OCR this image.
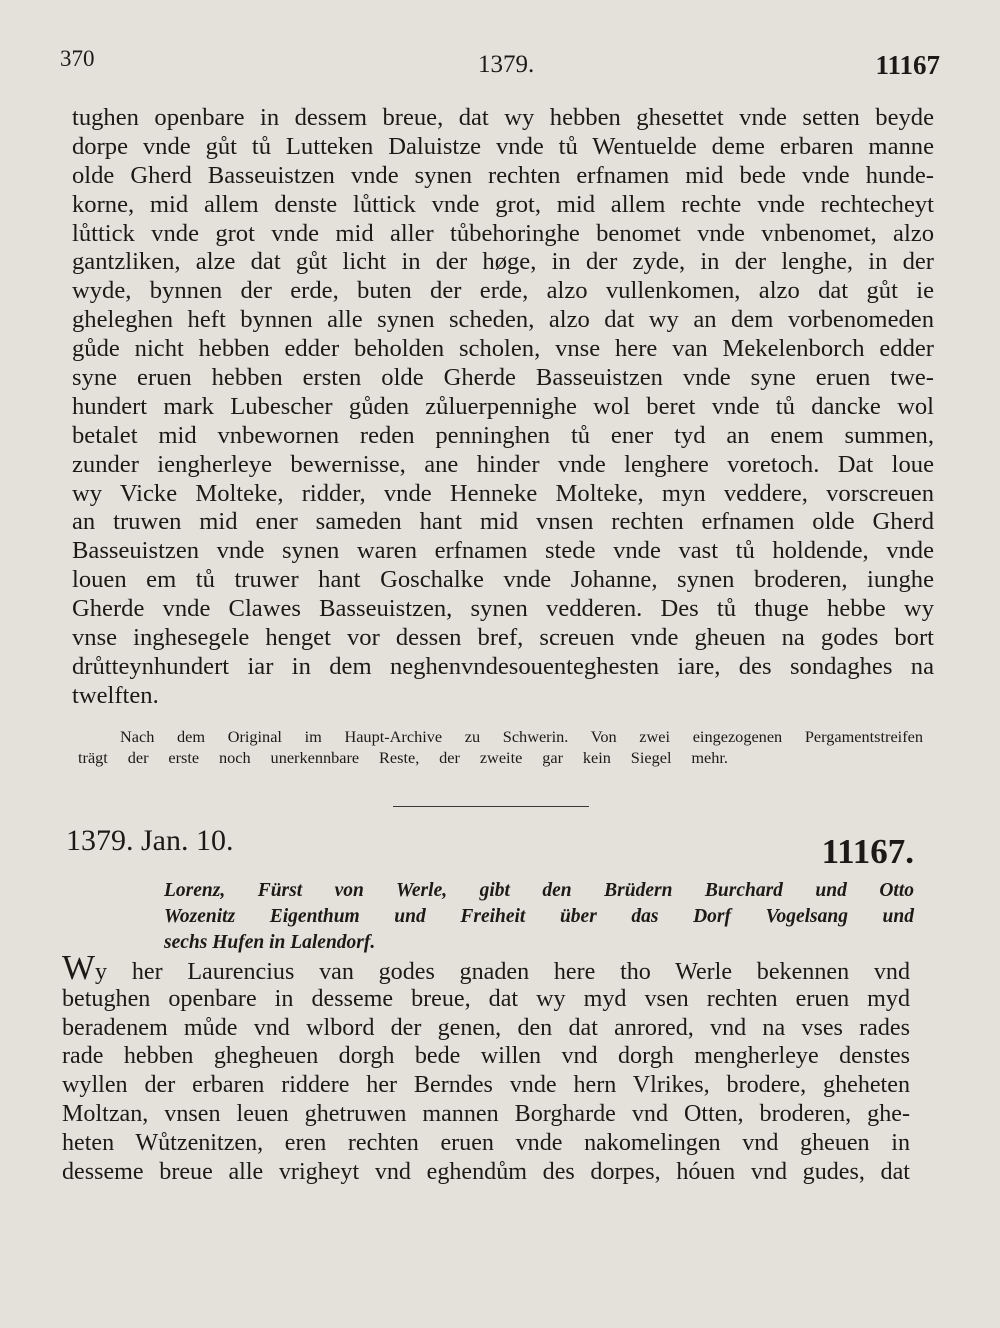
370	1379.	11167
tughen openbare in dessem breue, dat wy hebben ghesettet vnde setten beyde
dorpe vnde gůt tů Lutteken Daluistze vnde tů Wentuelde deme erbaren manne
olde Gherd Basseuistzen vnde synen rechten erfnamen mid bede vnde hunde-
korne, mid allem denste lůttick vnde grot, mid allem rechte vnde rechtecheyt
lůttick vnde grot vnde mid aller tůbehoringhe benomet vnde vnbenomet, alzo
gantzliken, alze dat gůt licht in der høge, in der zyde, in der lenghe, in der
wyde, bynnen der erde, buten der erde, alzo vullenkomen, alzo dat gůt ie
gheleghen heft bynnen alle synen scheden, alzo dat wy an dem vorbenomeden
gůde nicht hebben edder beholden scholen, vnse here van Mekelenborch edder
syne eruen hebben ersten olde Gherde Basseuistzen vnde syne eruen twe-
hundert mark Lubescher gůden zůluerpennighe wol beret vnde tů dancke wol
betalet mid vnbewornen reden penninghen tů ener tyd an enem summen,
zunder iengherleye bewernisse, ane hinder vnde lenghere voretoch. Dat loue
wy Vicke Molteke, ridder, vnde Henneke Molteke, myn veddere, vorscreuen
an truwen mid ener sameden hant mid vnsen rechten erfnamen olde Gherd
Basseuistzen vnde synen waren erfnamen stede vnde vast tů holdende, vnde
louen em tů truwer hant Goschalke vnde Johanne, synen broderen, iunghe
Gherde vnde Clawes Basseuistzen, synen vedderen. Des tů thuge hebbe wy
vnse inghesegele henget vor dessen bref, screuen vnde gheuen na godes bort
drůtteynhundert iar in dem neghenvndesouenteghesten iare, des sondaghes na
twelften.
Nach dem Original im Haupt-Archive zu Schwerin. Von zwei eingezogenen Pergamentstreifen
trägt der erste noch unerkennbare Reste, der zweite gar kein Siegel mehr.
1379. Jan. 10.	11167.
Lorenz, Fürst von Werle, gibt den Brüdern Burchard und Otto
Wozenitz Eigenthum und Freiheit über das Dorf Vogelsang und
sechs Hufen in Lalendorf.
Wy her Laurencius van godes gnaden here tho Werle bekennen vnd
betughen openbare in desseme breue, dat wy myd vsen rechten eruen myd
beradenem můde vnd wlbord der genen, den dat anrored, vnd na vses rades
rade hebben ghegheuen dorgh bede willen vnd dorgh mengherleye denstes
wyllen der erbaren riddere her Berndes vnde hern Vlrikes, brodere, gheheten
Moltzan, vnsen leuen ghetruwen mannen Borgharde vnd Otten, broderen, ghe-
heten Wůtzenitzen, eren rechten eruen vnde nakomelingen vnd gheuen in
desseme breue alle vrigheyt vnd eghendům des dorpes, hóuen vnd gudes, dat
